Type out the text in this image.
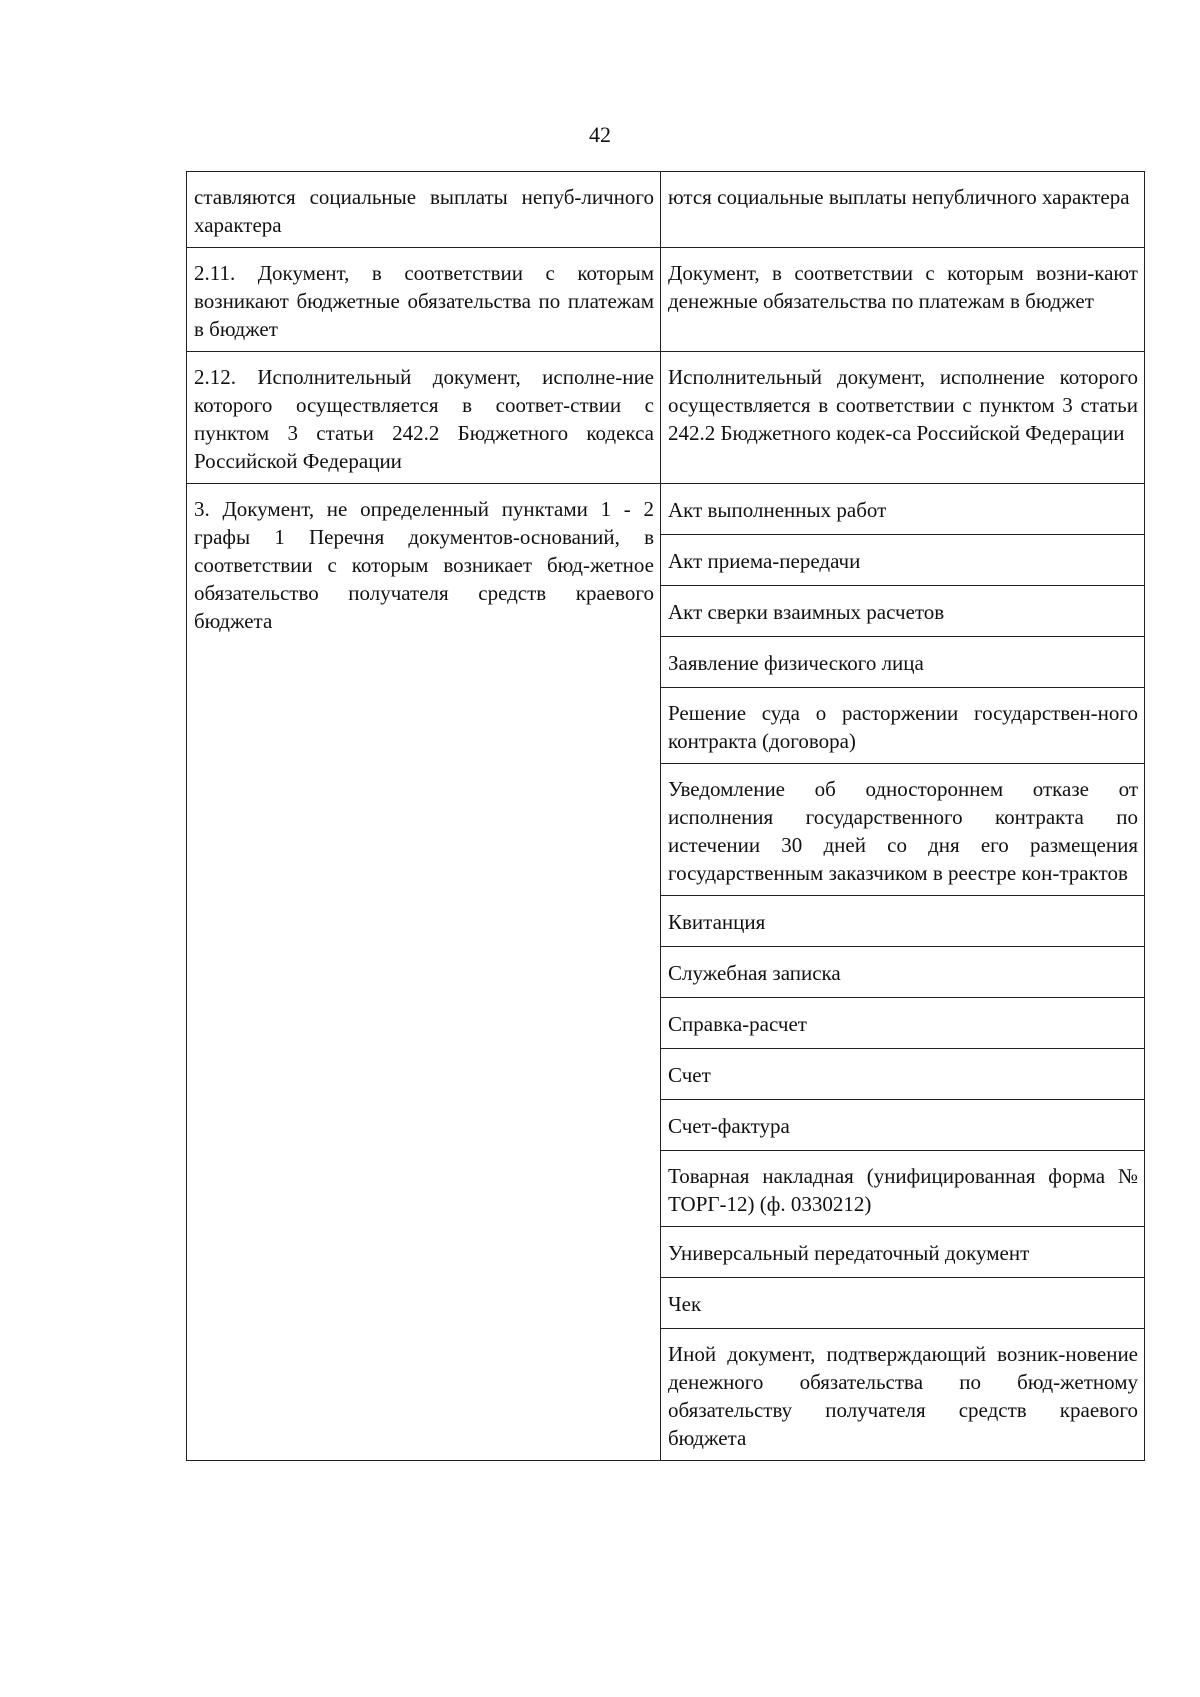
42
ставляются социальные выплаты непуб-личного характера	ются социальные выплаты непубличного характера

2.11. Документ, в соответствии с которым возникают бюджетные обязательства по платежам в бюджет	Документ, в соответствии с которым возни-кают денежные обязательства по платежам в бюджет

2.12. Исполнительный документ, исполне-ние которого осуществляется в соответ-ствии с пунктом 3 статьи 242.2 Бюджетного кодекса Российской Федерации	Исполнительный документ, исполнение которого осуществляется в соответствии с пунктом 3 статьи 242.2 Бюджетного кодек-са Российской Федерации

3. Документ, не определенный пунктами 1 - 2 графы 1 Перечня документов-оснований, в соответствии с которым возникает бюд-жетное обязательство получателя средств краевого бюджета	Акт выполненных работ

	Акт приема-передачи

	Акт сверки взаимных расчетов

	Заявление физического лица

	Решение суда о расторжении государствен-ного контракта (договора)

	Уведомление об одностороннем отказе от исполнения государственного контракта по истечении 30 дней со дня его размещения государственным заказчиком в реестре кон-трактов

	Квитанция

	Служебная записка

	Справка-расчет

	Счет

	Счет-фактура

	Товарная накладная (унифицированная форма № ТОРГ-12) (ф. 0330212)

	Универсальный передаточный документ

	Чек

	Иной документ, подтверждающий возник-новение денежного обязательства по бюд-жетному обязательству получателя средств краевого бюджета
